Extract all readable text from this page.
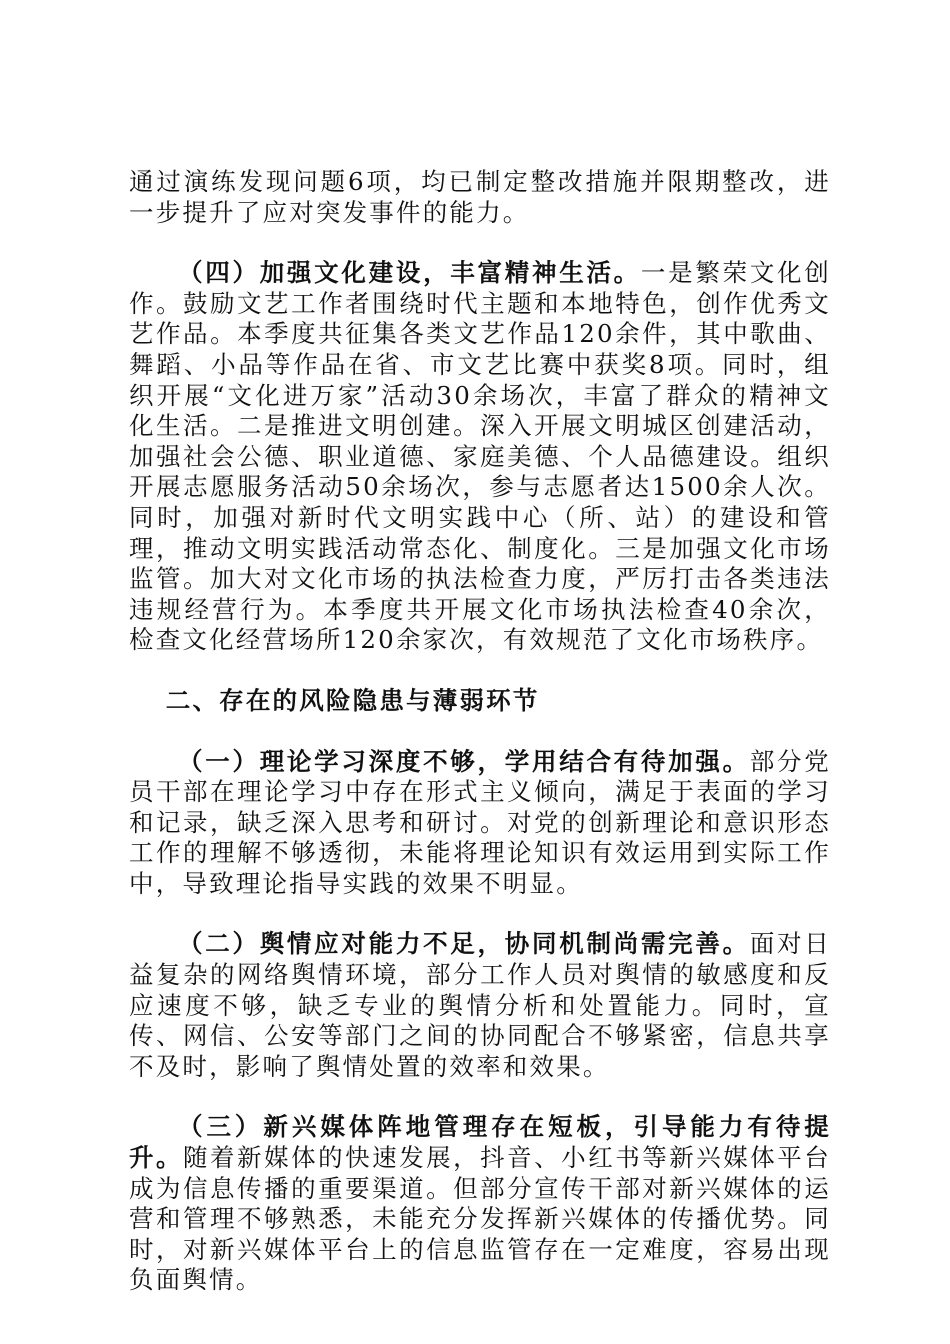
通过演练发现问题6项，均已制定整改措施并限期整改，进一步提升了应对突发事件的能力。

（四）加强文化建设，丰富精神生活。一是繁荣文化创作。鼓励文艺工作者围绕时代主题和本地特色，创作优秀文艺作品。本季度共征集各类文艺作品120余件，其中歌曲、舞蹈、小品等作品在省、市文艺比赛中获奖8项。同时，组织开展“文化进万家”活动30余场次，丰富了群众的精神文化生活。二是推进文明创建。深入开展文明城区创建活动，加强社会公德、职业道德、家庭美德、个人品德建设。组织开展志愿服务活动50余场次，参与志愿者达1500余人次。同时，加强对新时代文明实践中心（所、站）的建设和管理，推动文明实践活动常态化、制度化。三是加强文化市场监管。加大对文化市场的执法检查力度，严厉打击各类违法违规经营行为。本季度共开展文化市场执法检查40余次，检查文化经营场所120余家次，有效规范了文化市场秩序。

二、存在的风险隐患与薄弱环节

（一）理论学习深度不够，学用结合有待加强。部分党员干部在理论学习中存在形式主义倾向，满足于表面的学习和记录，缺乏深入思考和研讨。对党的创新理论和意识形态工作的理解不够透彻，未能将理论知识有效运用到实际工作中，导致理论指导实践的效果不明显。

（二）舆情应对能力不足，协同机制尚需完善。面对日益复杂的网络舆情环境，部分工作人员对舆情的敏感度和反应速度不够，缺乏专业的舆情分析和处置能力。同时，宣传、网信、公安等部门之间的协同配合不够紧密，信息共享不及时，影响了舆情处置的效率和效果。

（三）新兴媒体阵地管理存在短板，引导能力有待提升。随着新媒体的快速发展，抖音、小红书等新兴媒体平台成为信息传播的重要渠道。但部分宣传干部对新兴媒体的运营和管理不够熟悉，未能充分发挥新兴媒体的传播优势。同时，对新兴媒体平台上的信息监管存在一定难度，容易出现负面舆情。
